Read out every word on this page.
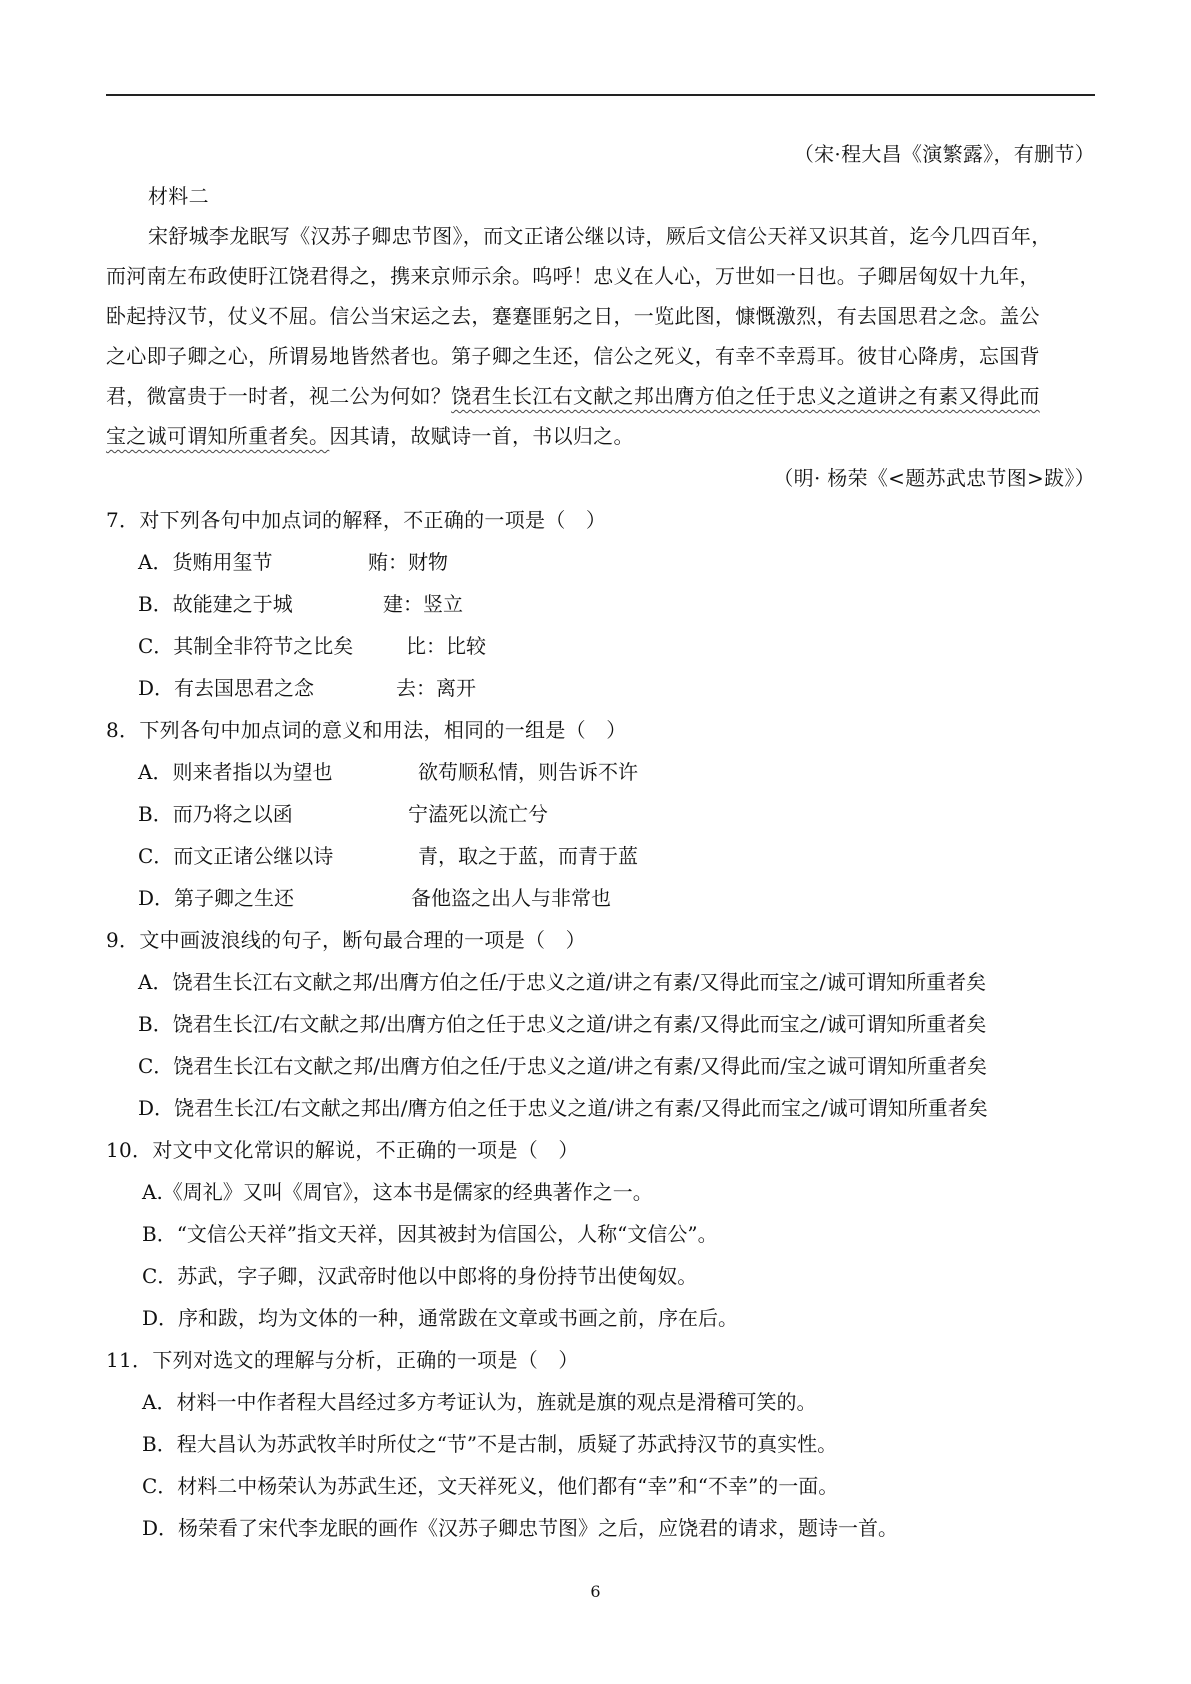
（宋·程大昌《演繁露》，有删节）
材料二
宋舒城李龙眠写《汉苏子卿忠节图》，而文正诸公继以诗，厥后文信公天祥又识其首，迄今几四百年，
而河南左布政使盱江饶君得之，携来京师示余。呜呼！忠义在人心，万世如一日也。子卿居匈奴十九年，
卧起持汉节，仗义不屈。信公当宋运之去，蹇蹇匪躬之日，一览此图，慷慨激烈，有去国思君之念。盖公
之心即子卿之心，所谓易地皆然者也。第子卿之生还，信公之死义，有幸不幸焉耳。彼甘心降虏，忘国背
君，微富贵于一时者，视二公为何如？饶君生长江右文献之邦出膺方伯之任于忠义之道讲之有素又得此而
宝之诚可谓知所重者矣。因其请，故赋诗一首，书以归之。
（明· 杨荣《<题苏武忠节图>跋》）
7．对下列各句中加点词的解释，不正确的一项是（　）
A．货贿用玺节	贿：财物
B．故能建之于城	建：竖立
C．其制全非符节之比矣	比：比较
D．有去国思君之念	去：离开
8．下列各句中加点词的意义和用法，相同的一组是（　）
A．则来者指以为望也	欲苟顺私情，则告诉不许
B．而乃将之以函	宁溘死以流亡兮
C．而文正诸公继以诗	青，取之于蓝，而青于蓝
D．第子卿之生还	备他盗之出人与非常也
9．文中画波浪线的句子，断句最合理的一项是（　）
A．饶君生长江右文献之邦/出膺方伯之任/于忠义之道/讲之有素/又得此而宝之/诚可谓知所重者矣
B．饶君生长江/右文献之邦/出膺方伯之任于忠义之道/讲之有素/又得此而宝之/诚可谓知所重者矣
C．饶君生长江右文献之邦/出膺方伯之任/于忠义之道/讲之有素/又得此而/宝之诚可谓知所重者矣
D．饶君生长江/右文献之邦出/膺方伯之任于忠义之道/讲之有素/又得此而宝之/诚可谓知所重者矣
10．对文中文化常识的解说，不正确的一项是（　）
A.《周礼》又叫《周官》，这本书是儒家的经典著作之一。
B．“文信公天祥”指文天祥，因其被封为信国公，人称“文信公”。
C．苏武，字子卿，汉武帝时他以中郎将的身份持节出使匈奴。
D．序和跋，均为文体的一种，通常跋在文章或书画之前，序在后。
11．下列对选文的理解与分析，正确的一项是（　）
A．材料一中作者程大昌经过多方考证认为，旌就是旗的观点是滑稽可笑的。
B．程大昌认为苏武牧羊时所仗之“节”不是古制，质疑了苏武持汉节的真实性。
C．材料二中杨荣认为苏武生还，文天祥死义，他们都有“幸”和“不幸”的一面。
D．杨荣看了宋代李龙眠的画作《汉苏子卿忠节图》之后，应饶君的请求，题诗一首。
6
